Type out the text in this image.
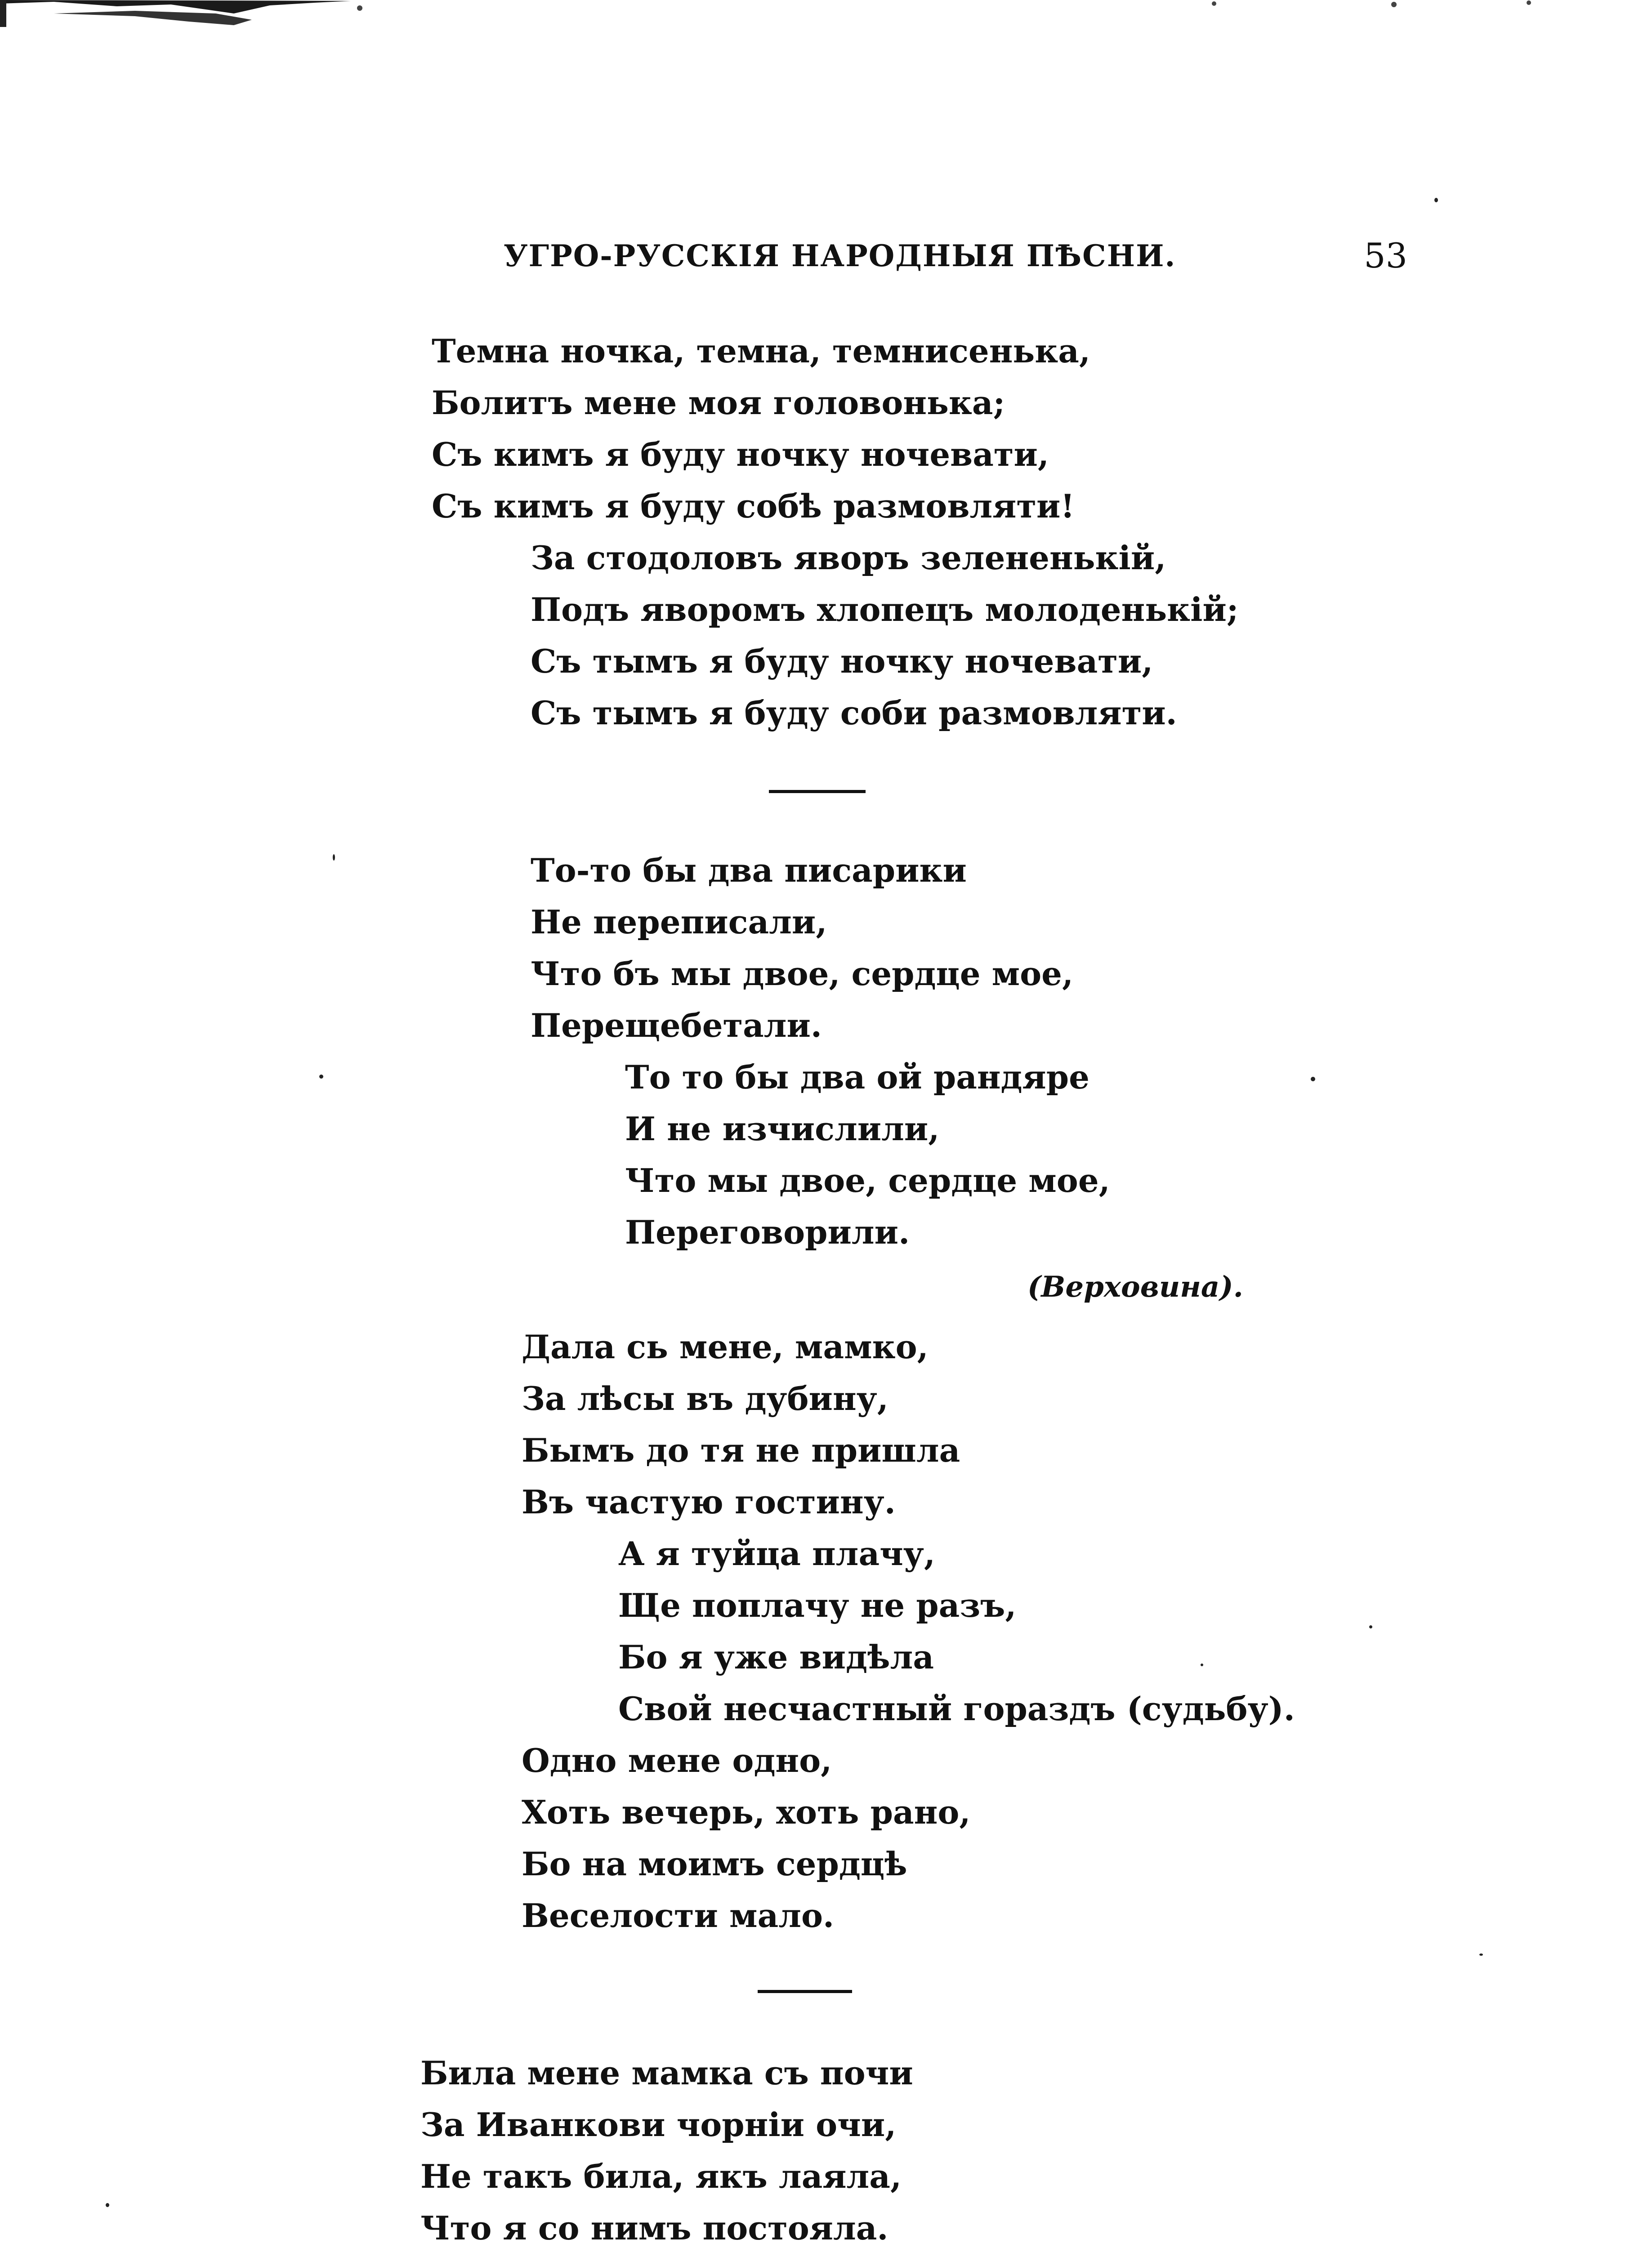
УГРО-РУССКІЯ НАРОДНЫЯ ПѢСНИ.	53
Темна ночка, темна, темнисенька,
Болитъ мене моя головонька;
Съ кимъ я буду ночку ночевати,
Съ кимъ я буду собѣ размовляти!
За стодоловъ яворъ зелененькій,
Подъ яворомъ хлопецъ молоденькій;
Съ тымъ я буду ночку ночевати,
Съ тымъ я буду соби размовляти.
То-то бы два писарики
Не переписали,
Что бъ мы двое, сердце мое,
Перещебетали.
То то бы два ой рандяре
И не изчислили,
Что мы двое, сердце мое,
Переговорили.
(Верховина).
Дала сь мене, мамко,
За лѣсы въ дубину,
Бымъ до тя не пришла
Въ частую гостину.
А я туйца плачу,
Ще поплачу не разъ,
Бо я уже видѣла
Свой несчастный гораздъ (судьбу).
Одно мене одно,
Хоть вечерь, хоть рано,
Бо на моимъ сердцѣ
Веселости мало.
Била мене мамка съ почи
За Иванкови чорніи очи,
Не такъ била, якъ лаяла,
Что я со нимъ постояла.
